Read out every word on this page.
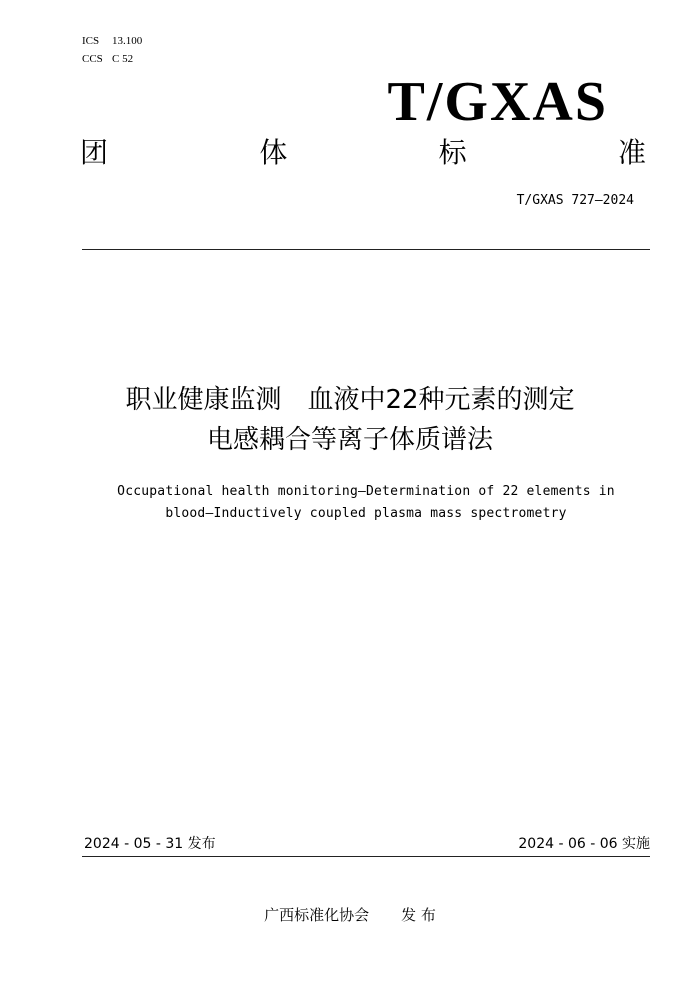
ICS 13.100
CCS C 52
T/GXAS
团	体	标	准
T/GXAS 727—2024
职业健康监测　血液中22种元素的测定
电感耦合等离子体质谱法
Occupational health monitoring—Determination of 22 elements in
blood—Inductively coupled plasma mass spectrometry
2024 - 05 - 31 发布	2024 - 06 - 06 实施
广西标准化协会 发 布
